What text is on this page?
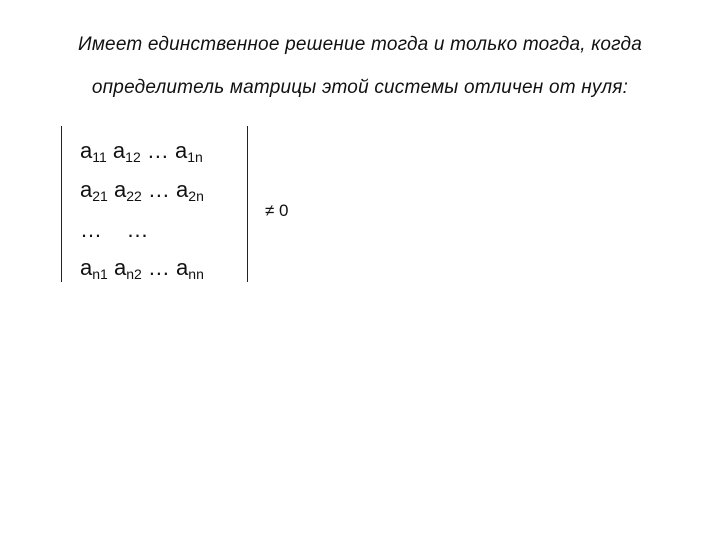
Имеет единственное решение тогда и только тогда, когда
определитель матрицы этой системы отличен от нуля:
$a_{11}$ $a_{12}$ … $a_{1n}$
$a_{21}$ $a_{22}$ … $a_{2n}$
… …
$a_{n1}$ $a_{n2}$ … $a_{nn}$
≠ 0
